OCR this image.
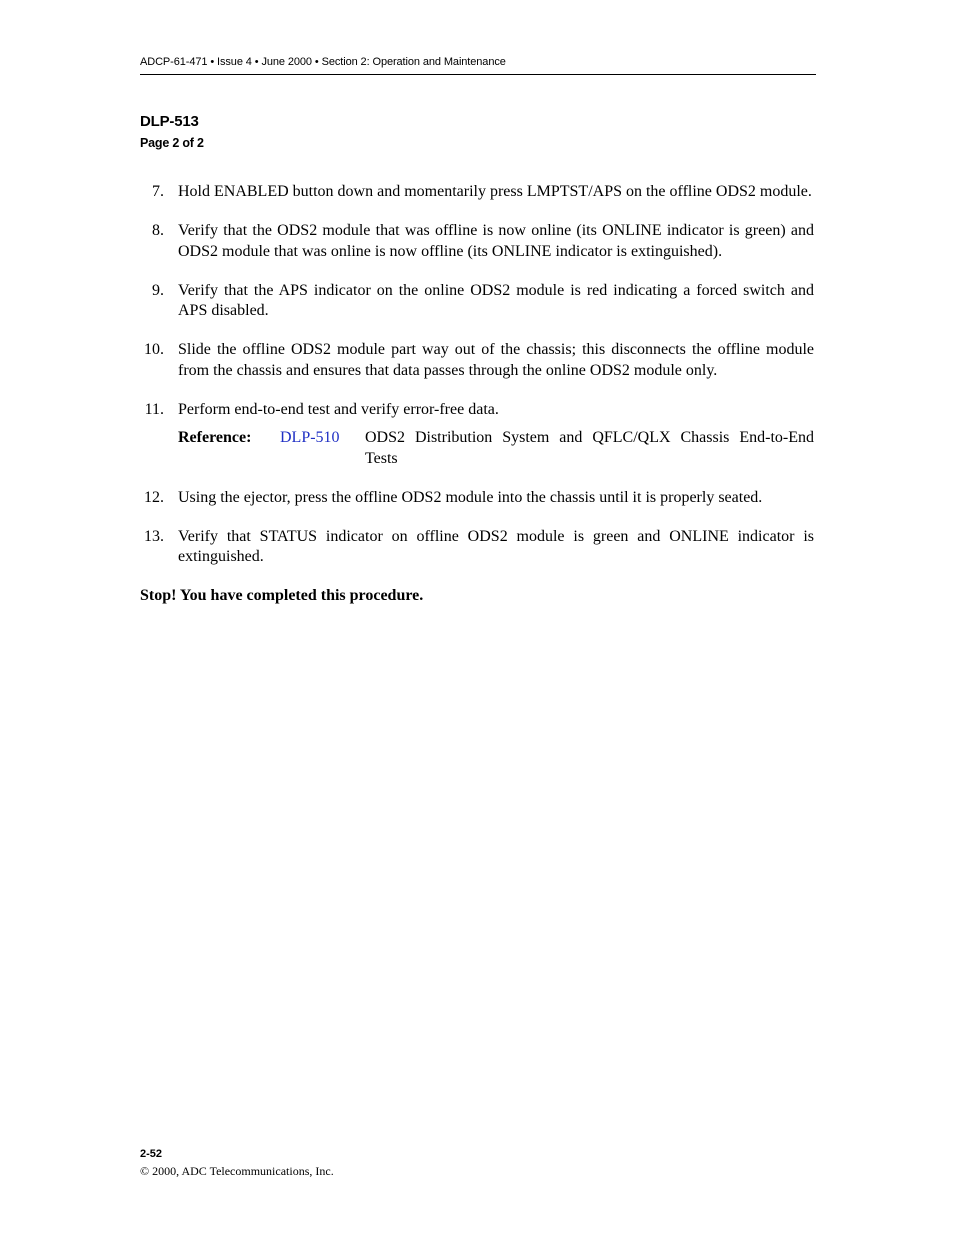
ADCP-61-471 • Issue 4 • June 2000 • Section 2: Operation and Maintenance
DLP-513
Page 2 of 2
7. Hold ENABLED button down and momentarily press LMPTST/APS on the offline ODS2 module.
8. Verify that the ODS2 module that was offline is now online (its ONLINE indicator is green) and ODS2 module that was online is now offline (its ONLINE indicator is extinguished).
9. Verify that the APS indicator on the online ODS2 module is red indicating a forced switch and APS disabled.
10. Slide the offline ODS2 module part way out of the chassis; this disconnects the offline module from the chassis and ensures that data passes through the online ODS2 module only.
11. Perform end-to-end test and verify error-free data.
Reference: DLP-510 ODS2 Distribution System and QFLC/QLX Chassis End-to-End Tests
12. Using the ejector, press the offline ODS2 module into the chassis until it is properly seated.
13. Verify that STATUS indicator on offline ODS2 module is green and ONLINE indicator is extinguished.
Stop! You have completed this procedure.
2-52
© 2000, ADC Telecommunications, Inc.
